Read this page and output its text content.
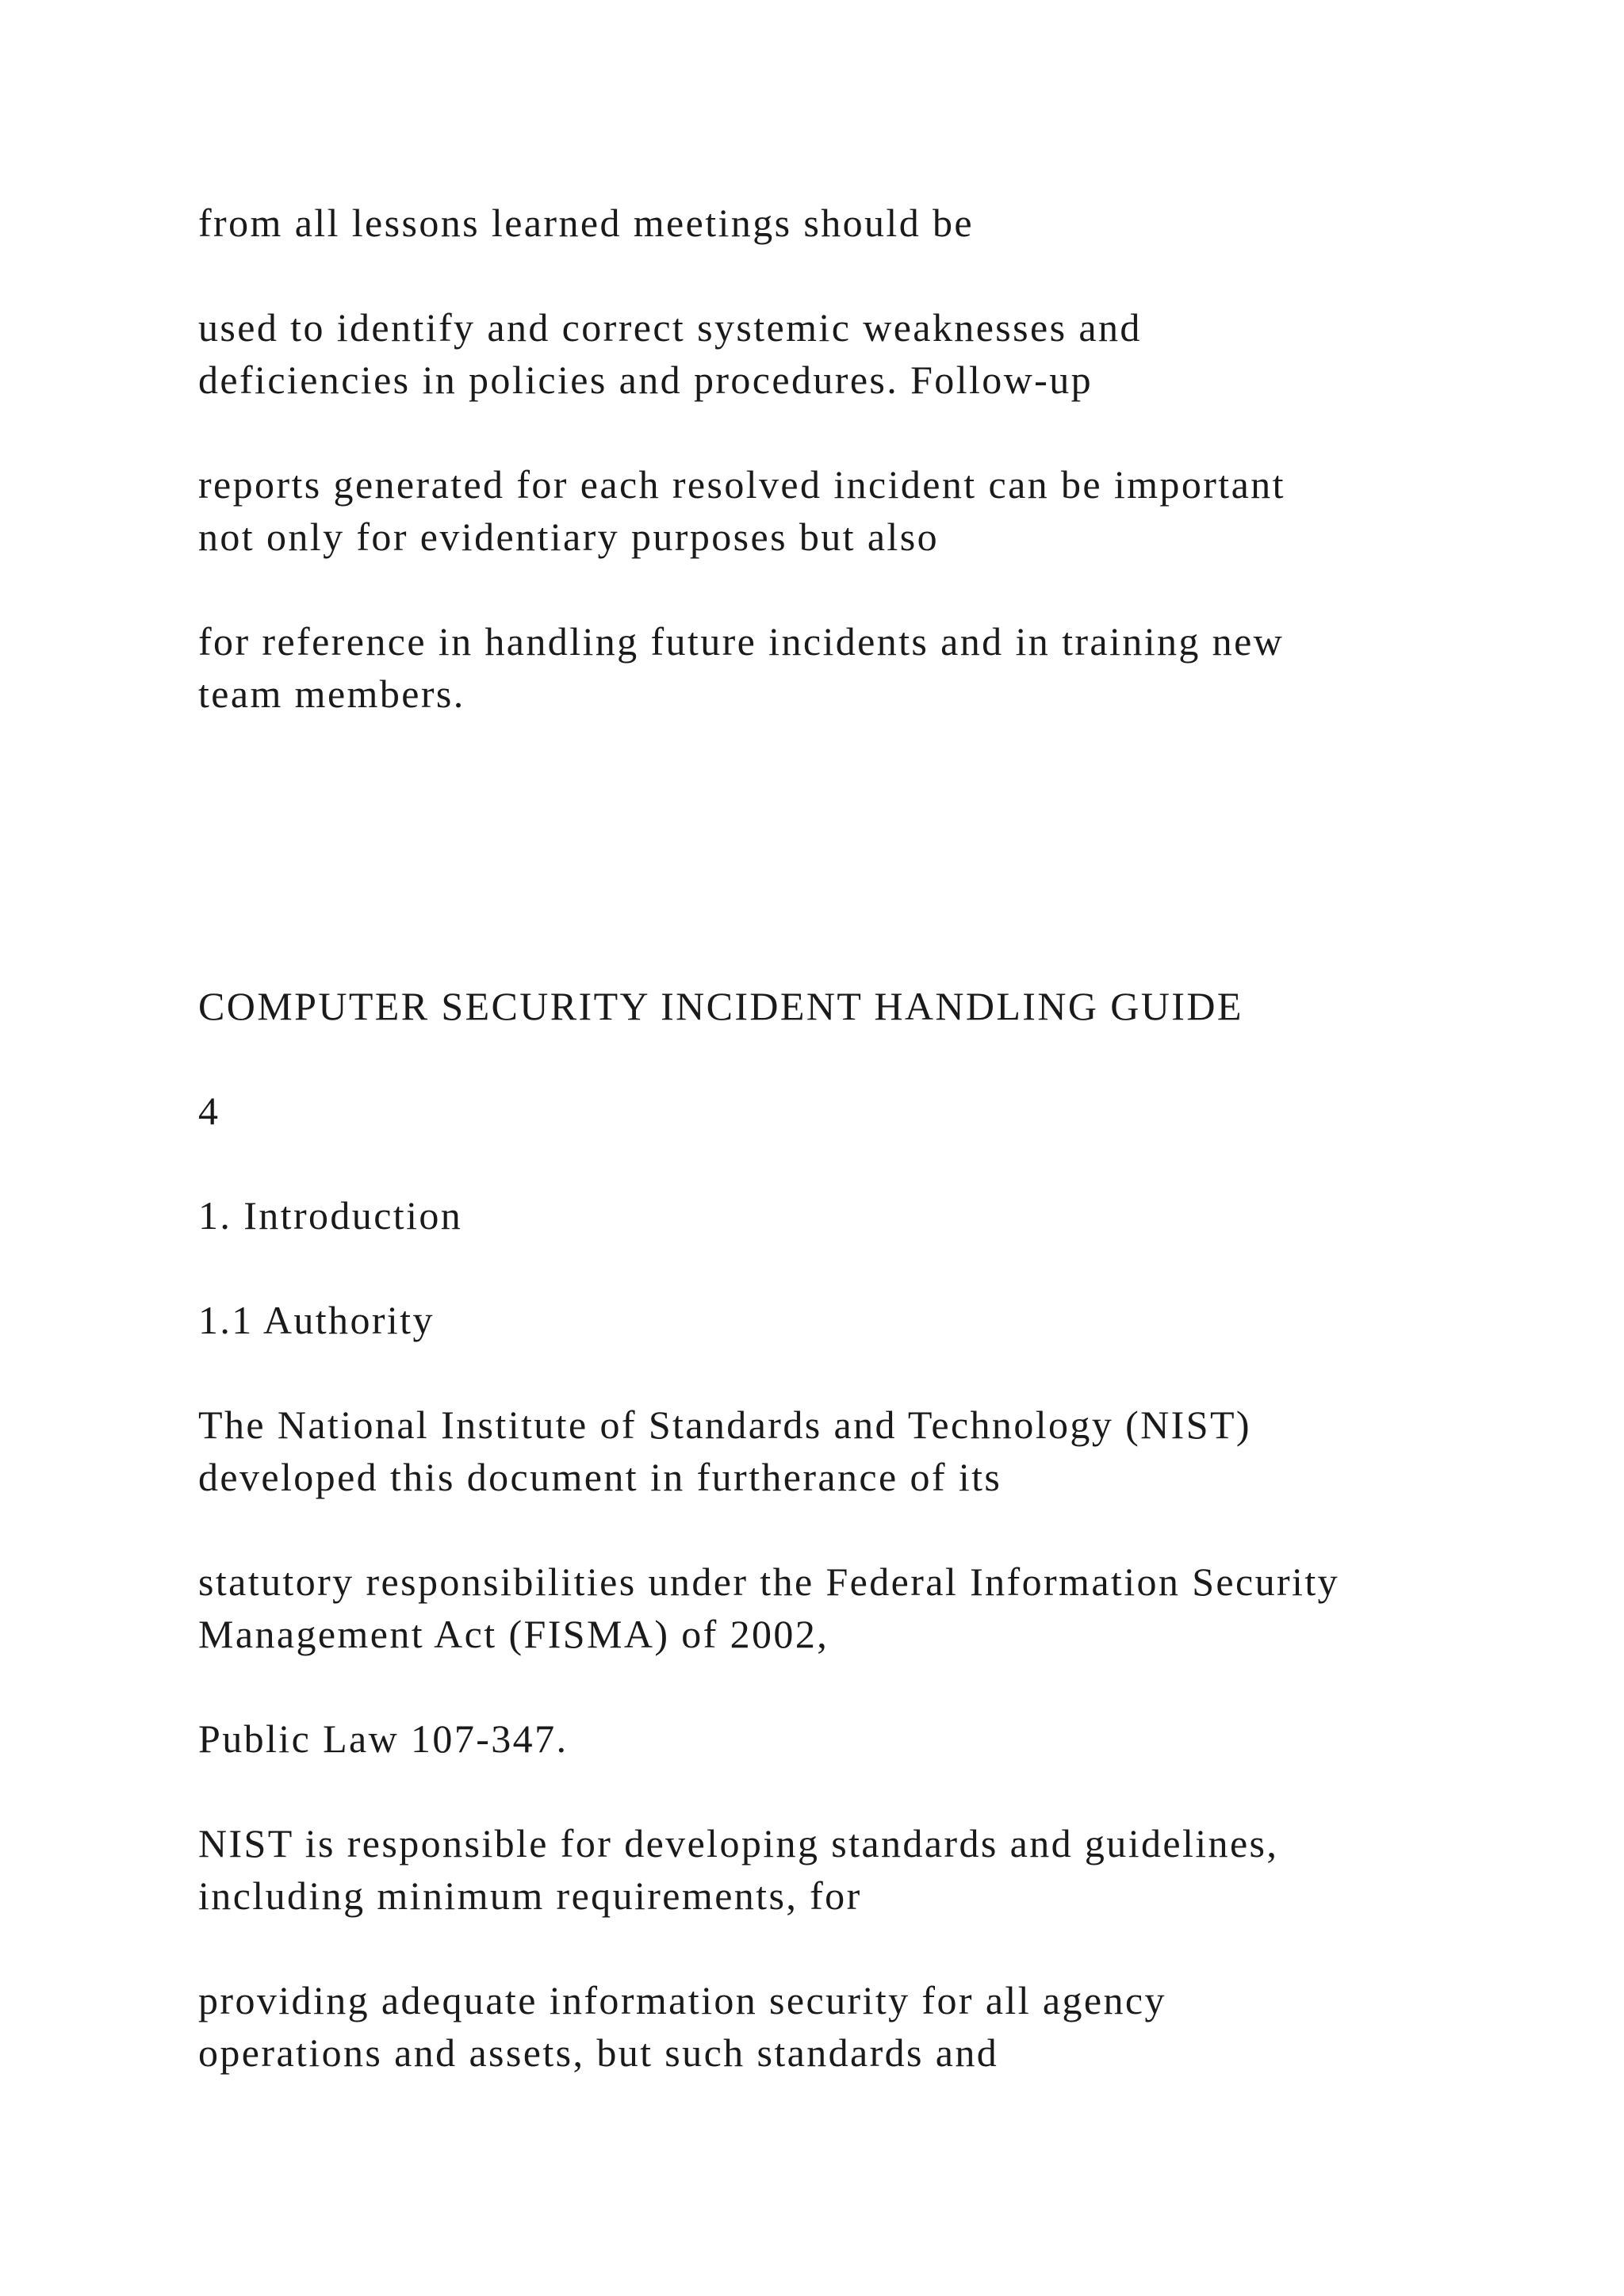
from all lessons learned meetings should be

used to identify and correct systemic weaknesses and

deficiencies in policies and procedures. Follow-up

reports generated for each resolved incident can be important

not only for evidentiary purposes but also

for reference in handling future incidents and in training new

team members.

COMPUTER SECURITY INCIDENT HANDLING GUIDE

4

1. Introduction

1.1 Authority

The National Institute of Standards and Technology (NIST)

developed this document in furtherance of its

statutory responsibilities under the Federal Information Security

Management Act (FISMA) of 2002,

Public Law 107-347.

NIST is responsible for developing standards and guidelines,

including minimum requirements, for

providing adequate information security for all agency

operations and assets, but such standards and
